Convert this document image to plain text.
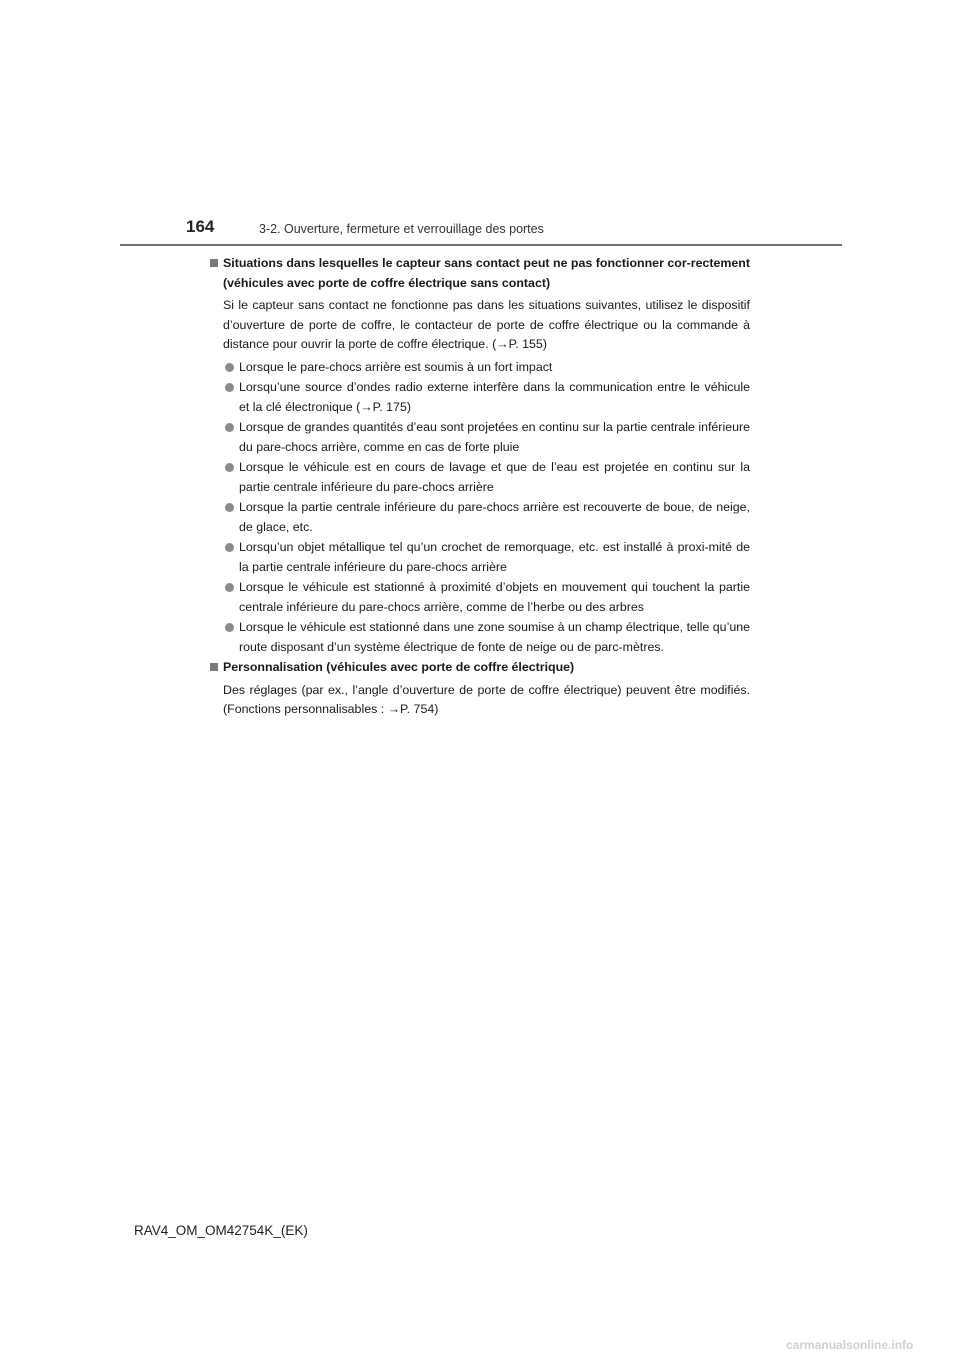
164	3-2. Ouverture, fermeture et verrouillage des portes
Situations dans lesquelles le capteur sans contact peut ne pas fonctionner cor-rectement (véhicules avec porte de coffre électrique sans contact)
Si le capteur sans contact ne fonctionne pas dans les situations suivantes, utilisez le dispositif d’ouverture de porte de coffre, le contacteur de porte de coffre électrique ou la commande à distance pour ouvrir la porte de coffre électrique. (→P. 155)
Lorsque le pare-chocs arrière est soumis à un fort impact
Lorsqu’une source d’ondes radio externe interfère dans la communication entre le véhicule et la clé électronique (→P. 175)
Lorsque de grandes quantités d’eau sont projetées en continu sur la partie centrale inférieure du pare-chocs arrière, comme en cas de forte pluie
Lorsque le véhicule est en cours de lavage et que de l’eau est projetée en continu sur la partie centrale inférieure du pare-chocs arrière
Lorsque la partie centrale inférieure du pare-chocs arrière est recouverte de boue, de neige, de glace, etc.
Lorsqu’un objet métallique tel qu’un crochet de remorquage, etc. est installé à proxi-mité de la partie centrale inférieure du pare-chocs arrière
Lorsque le véhicule est stationné à proximité d’objets en mouvement qui touchent la partie centrale inférieure du pare-chocs arrière, comme de l’herbe ou des arbres
Lorsque le véhicule est stationné dans une zone soumise à un champ électrique, telle qu’une route disposant d’un système électrique de fonte de neige ou de parc-mètres.
Personnalisation (véhicules avec porte de coffre électrique)
Des réglages (par ex., l’angle d’ouverture de porte de coffre électrique) peuvent être modifiés. (Fonctions personnalisables : →P. 754)
RAV4_OM_OM42754K_(EK)
carmanualsonline.info
